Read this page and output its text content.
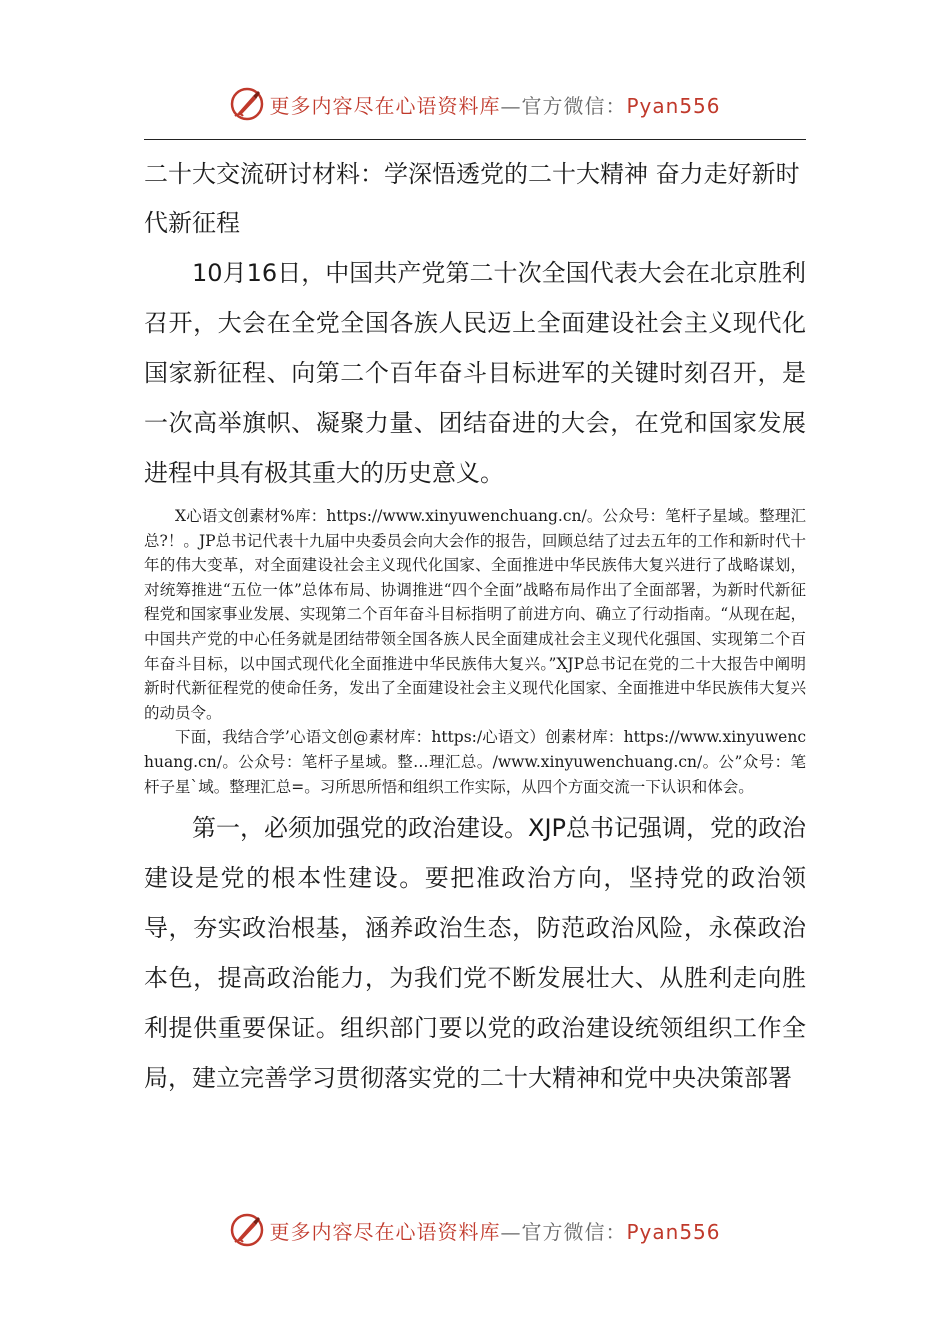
更多内容尽在心语资料库—官方微信：Pyan556
二十大交流研讨材料：学深悟透党的二十大精神 奋力走好新时代新征程

10月16日，中国共产党第二十次全国代表大会在北京胜利召开，大会在全党全国各族人民迈上全面建设社会主义现代化国家新征程、向第二个百年奋斗目标进军的关键时刻召开，是一次高举旗帜、凝聚力量、团结奋进的大会，在党和国家发展进程中具有极其重大的历史意义。

X心语文创素材%库：https://www.xinyuwenchuang.cn/。公众号：笔杆子星域。整理汇总?！。JP总书记代表十九届中央委员会向大会作的报告，回顾总结了过去五年的工作和新时代十年的伟大变革，对全面建设社会主义现代化国家、全面推进中华民族伟大复兴进行了战略谋划，对统筹推进“五位一体”总体布局、协调推进“四个全面”战略布局作出了全面部署，为新时代新征程党和国家事业发展、实现第二个百年奋斗目标指明了前进方向、确立了行动指南。“从现在起，中国共产党的中心任务就是团结带领全国各族人民全面建成社会主义现代化强国、实现第二个百年奋斗目标，以中国式现代化全面推进中华民族伟大复兴。”XJP总书记在党的二十大报告中阐明新时代新征程党的使命任务，发出了全面建设社会主义现代化国家、全面推进中华民族伟大复兴的动员令。

下面，我结合学’心语文创@素材库：https:/心语文）创素材库：https://www.xinyuwenchuang.cn/。公众号：笔杆子星域。整…理汇总。/www.xinyuwenchuang.cn/。公”众号：笔杆子星`域。整理汇总=。习所思所悟和组织工作实际，从四个方面交流一下认识和体会。

第一，必须加强党的政治建设。XJP总书记强调，党的政治建设是党的根本性建设。要把准政治方向，坚持党的政治领导，夯实政治根基，涵养政治生态，防范政治风险，永葆政治本色，提高政治能力，为我们党不断发展壮大、从胜利走向胜利提供重要保证。组织部门要以党的政治建设统领组织工作全局，建立完善学习贯彻落实党的二十大精神和党中央决策部署

更多内容尽在心语资料库—官方微信：Pyan556
